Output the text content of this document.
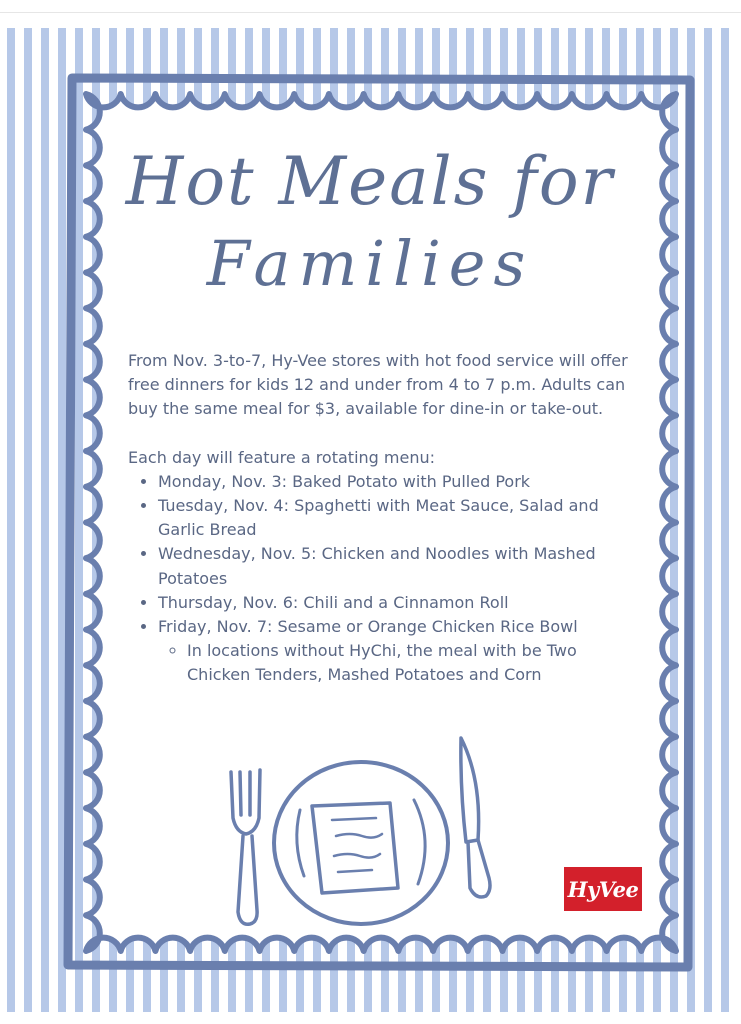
Hot Meals for
Families

From Nov. 3-to-7, Hy-Vee stores with hot food service will offer free dinners for kids 12 and under from 4 to 7 p.m. Adults can buy the same meal for $3, available for dine-in or take-out.

Each day will feature a rotating menu:

• Monday, Nov. 3: Baked Potato with Pulled Pork
• Tuesday, Nov. 4: Spaghetti with Meat Sauce, Salad and Garlic Bread
• Wednesday, Nov. 5: Chicken and Noodles with Mashed Potatoes
• Thursday, Nov. 6: Chili and a Cinnamon Roll
• Friday, Nov. 7: Sesame or Orange Chicken Rice Bowl
◦ In locations without HyChi, the meal with be Two Chicken Tenders, Mashed Potatoes and Corn
HyVee
